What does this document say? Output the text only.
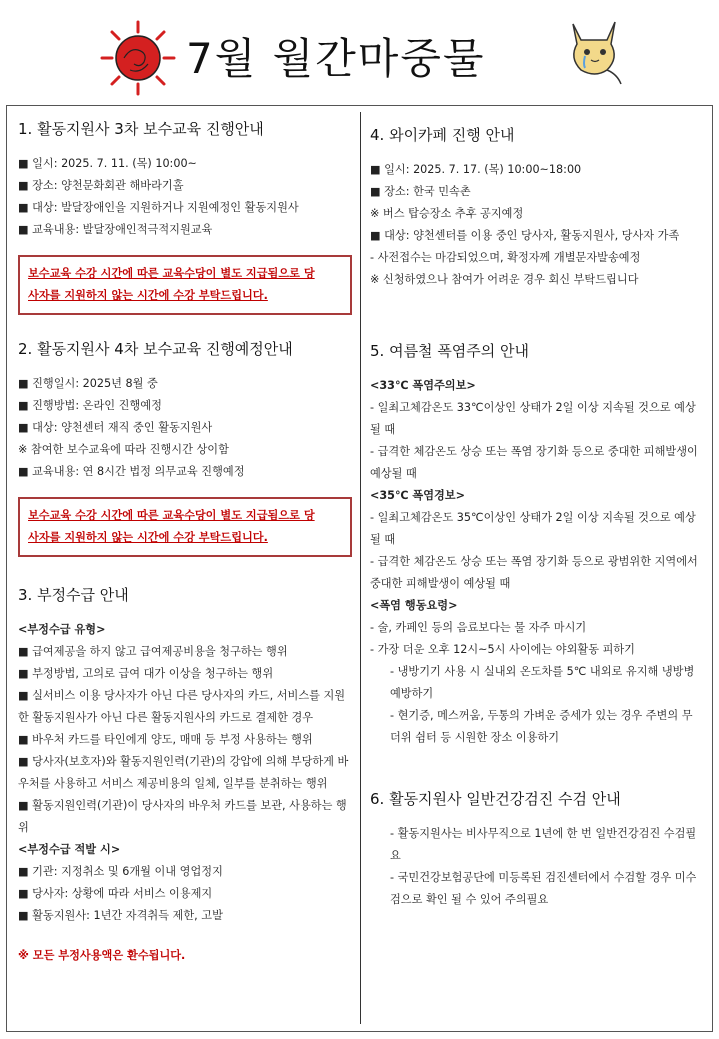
7월 월간마중물
1. 활동지원사 3차 보수교육 진행안내
■ 일시: 2025. 7. 11. (목) 10:00~
■ 장소: 양천문화회관 해바라기홀
■ 대상: 발달장애인을 지원하거나 지원예정인 활동지원사
■ 교육내용: 발달장애인적극적지원교육
보수교육 수강 시간에 따른 교육수당이 별도 지급됨으로 당
사자를 지원하지 않는 시간에 수강 부탁드립니다.
2. 활동지원사 4차 보수교육 진행예정안내
■ 진행일시: 2025년 8월 중
■ 진행방법: 온라인 진행예정
■ 대상: 양천센터 재직 중인 활동지원사
※ 참여한 보수교육에 따라 진행시간 상이함
■ 교육내용: 연 8시간 법정 의무교육 진행예정
보수교육 수강 시간에 따른 교육수당이 별도 지급됨으로 당
사자를 지원하지 않는 시간에 수강 부탁드립니다.
3. 부정수급 안내
<부정수급 유형>
■ 급여제공을 하지 않고 급여제공비용을 청구하는 행위
■ 부정방법, 고의로 급여 대가 이상을 청구하는 행위
■ 실서비스 이용 당사자가 아닌 다른 당사자의 카드, 서비스를 지원한 활동지원사가 아닌 다른 활동지원사의 카드로 결제한 경우
■ 바우처 카드를 타인에게 양도, 매매 등 부정 사용하는 행위
■ 당사자(보호자)와 활동지원인력(기관)의 강압에 의해 부당하게 바우처를 사용하고 서비스 제공비용의 일체, 일부를 분취하는 행위
■ 활동지원인력(기관)이 당사자의 바우처 카드를 보관, 사용하는 행위
<부정수급 적발 시>
■ 기관: 지정취소 및 6개월 이내 영업정지
■ 당사자: 상황에 따라 서비스 이용제지
■ 활동지원사: 1년간 자격취득 제한, 고발
※ 모든 부정사용액은 환수됩니다.
4. 와이카페 진행 안내
■ 일시: 2025. 7. 17. (목) 10:00~18:00
■ 장소: 한국 민속촌
※ 버스 탑승장소 추후 공지예정
■ 대상: 양천센터를 이용 중인 당사자, 활동지원사, 당사자 가족
- 사전접수는 마감되었으며, 확정자께 개별문자발송예정
※ 신청하였으나 참여가 어려운 경우 회신 부탁드립니다
5. 여름철 폭염주의 안내
<33℃ 폭염주의보>
- 일최고체감온도 33℃이상인 상태가 2일 이상 지속될 것으로 예상될 때
- 급격한 체감온도 상승 또는 폭염 장기화 등으로 중대한 피해발생이 예상될 때
<35℃ 폭염경보>
- 일최고체감온도 35℃이상인 상태가 2일 이상 지속될 것으로 예상될 때
- 급격한 체감온도 상승 또는 폭염 장기화 등으로 광범위한 지역에서 중대한 피해발생이 예상될 때
<폭염 행동요령>
- 술, 카페인 등의 음료보다는 물 자주 마시기
- 가장 더운 오후 12시~5시 사이에는 야외활동 피하기
- 냉방기기 사용 시 실내외 온도차를 5℃ 내외로 유지해 냉방병 예방하기
- 현기증, 메스꺼움, 두통의 가벼운 증세가 있는 경우 주변의 무더위 쉼터 등 시원한 장소 이용하기
6. 활동지원사 일반건강검진 수검 안내
- 활동지원사는 비사무직으로 1년에 한 번 일반건강검진 수검필요
- 국민건강보험공단에 미등록된 검진센터에서 수검할 경우 미수검으로 확인 될 수 있어 주의필요
